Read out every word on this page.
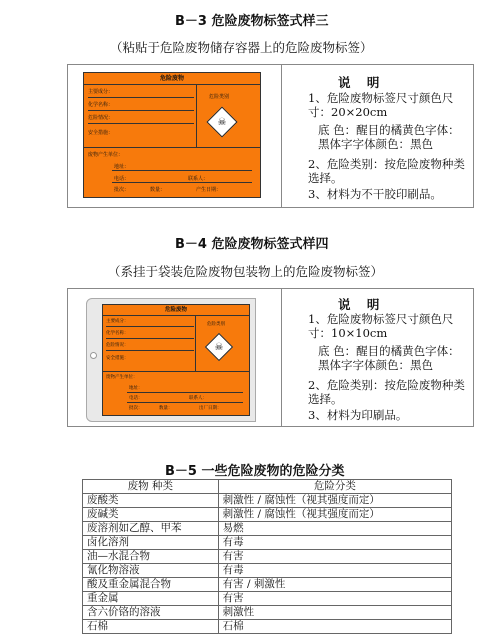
B－3 危险废物标签式样三
（粘贴于危险废物储存容器上的危险废物标签）
危险废物
主要成分：
化学名称：
危险情况：
安全措施：
废物产生单位：
地址：
电话：	联系人：
批次：	数量：	产生日期：
危险类别
☠
说 明
1、危险废物标签尺寸颜色尺 寸：20×20cm
底 色：醒目的橘黄色字体：黑体字字体颜色：黑色
2、危险类别：按危险废物种类选择。
3、材料为不干胶印刷品。
B－4 危险废物标签式样四
（系挂于袋装危险废物包装物上的危险废物标签）
危险废物
主要成分：
化学名称：
危险情况：
安全措施：
废物产生单位：
地址：
电话：	联系人：
批次：	数量：	出厂日期：
危险类别
☠
说 明
1、危险废物标签尺寸颜色尺 寸：10×10cm
底 色：醒目的橘黄色字体：黑体字字体颜色：黑色
2、危险类别：按危险废物种类选择。
3、材料为印刷品。
B－5 一些危险废物的危险分类
废物 种类	危险分类
废酸类	刺激性 / 腐蚀性（视其强度而定）
废碱类	刺激性 / 腐蚀性（视其强度而定）
废溶剂如乙醇、甲苯	易燃
卤化溶剂	有毒
油—水混合物	有害
氰化物溶液	有毒
酸及重金属混合物	有害 / 刺激性
重金属	有害
含六价铬的溶液	刺激性
石棉	石棉
